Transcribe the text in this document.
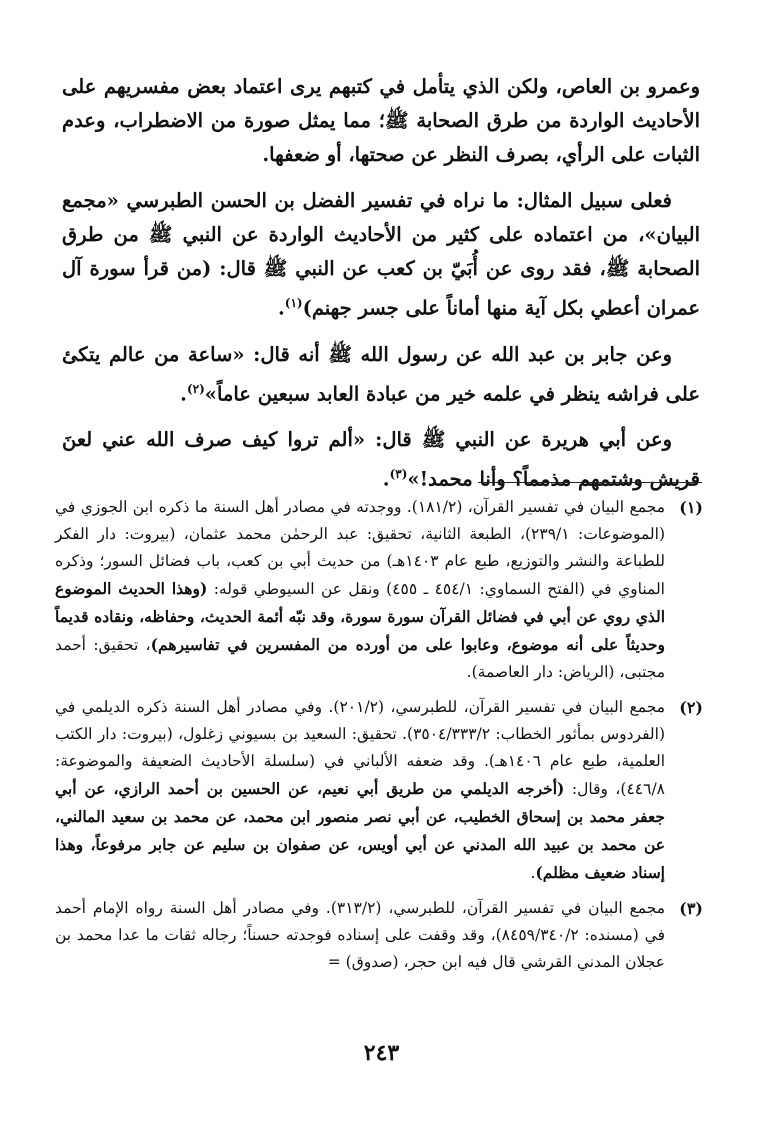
وعمرو بن العاص، ولكن الذي يتأمل في كتبهم يرى اعتماد بعض مفسريهم على الأحاديث الواردة من طرق الصحابة ﷺ؛ مما يمثل صورة من الاضطراب، وعدم الثبات على الرأي، بصرف النظر عن صحتها، أو ضعفها.

فعلى سبيل المثال: ما نراه في تفسير الفضل بن الحسن الطبرسي «مجمع البيان»، من اعتماده على كثير من الأحاديث الواردة عن النبي ﷺ من طرق الصحابة ﷺ، فقد روى عن أُبَيّ بن كعب عن النبي ﷺ قال: (من قرأ سورة آل عمران أعطي بكل آية منها أماناً على جسر جهنم)$^{(١)}$.

وعن جابر بن عبد الله عن رسول الله ﷺ أنه قال: «ساعة من عالم يتكئ على فراشه ينظر في علمه خير من عبادة العابد سبعين عاماً»$^{(٢)}$.

وعن أبي هريرة عن النبي ﷺ قال: «ألم تروا كيف صرف الله عني لعنَ قريش وشتمهم مذمماً؟ وأنا محمد!»$^{(٣)}$.

(١)
مجمع البيان في تفسير القرآن، (١٨١/٢). ووجدته في مصادر أهل السنة ما ذكره ابن الجوزي في (الموضوعات: ٢٣٩/١)، الطبعة الثانية، تحقيق: عبد الرحمٰن محمد عثمان، (بيروت: دار الفكر للطباعة والنشر والتوزيع، طبع عام ١٤٠٣هـ) من حديث أبي بن كعب، باب فضائل السور؛ وذكره المناوي في (الفتح السماوي: ٤٥٤/١ ـ ٤٥٥) ونقل عن السيوطي قوله: (وهذا الحديث الموضوع الذي روي عن أبي في فضائل القرآن سورة سورة، وقد نبّه أئمة الحديث، وحفاظه، ونقاده قديماً وحديثاً على أنه موضوع، وعابوا على من أورده من المفسرين في تفاسيرهم)، تحقيق: أحمد مجتبى، (الرياض: دار العاصمة).
(٢)
مجمع البيان في تفسير القرآن، للطبرسي، (٢٠١/٢). وفي مصادر أهل السنة ذكره الديلمي في (الفردوس بمأثور الخطاب: ٣٥٠٤/٣٣٣/٢). تحقيق: السعيد بن بسيوني زغلول، (بيروت: دار الكتب العلمية، طبع عام ١٤٠٦هـ). وقد ضعفه الألباني في (سلسلة الأحاديث الضعيفة والموضوعة: ٤٤٦/٨)، وقال: (أخرجه الديلمي من طريق أبي نعيم، عن الحسين بن أحمد الرازي، عن أبي جعفر محمد بن إسحاق الخطيب، عن أبي نصر منصور ابن محمد، عن محمد بن سعيد المالني، عن محمد بن عبيد الله المدني عن أبي أويس، عن صفوان بن سليم عن جابر مرفوعاً، وهذا إسناد ضعيف مظلم).
(٣)
مجمع البيان في تفسير القرآن، للطبرسي، (٣١٣/٢). وفي مصادر أهل السنة رواه الإمام أحمد في (مسنده: ٨٤٥٩/٣٤٠/٢)، وقد وقفت على إسناده فوجدته حسناً؛ رجاله ثقات ما عدا محمد بن عجلان المدني القرشي قال فيه ابن حجر، (صدوق) =
٢٤٣
